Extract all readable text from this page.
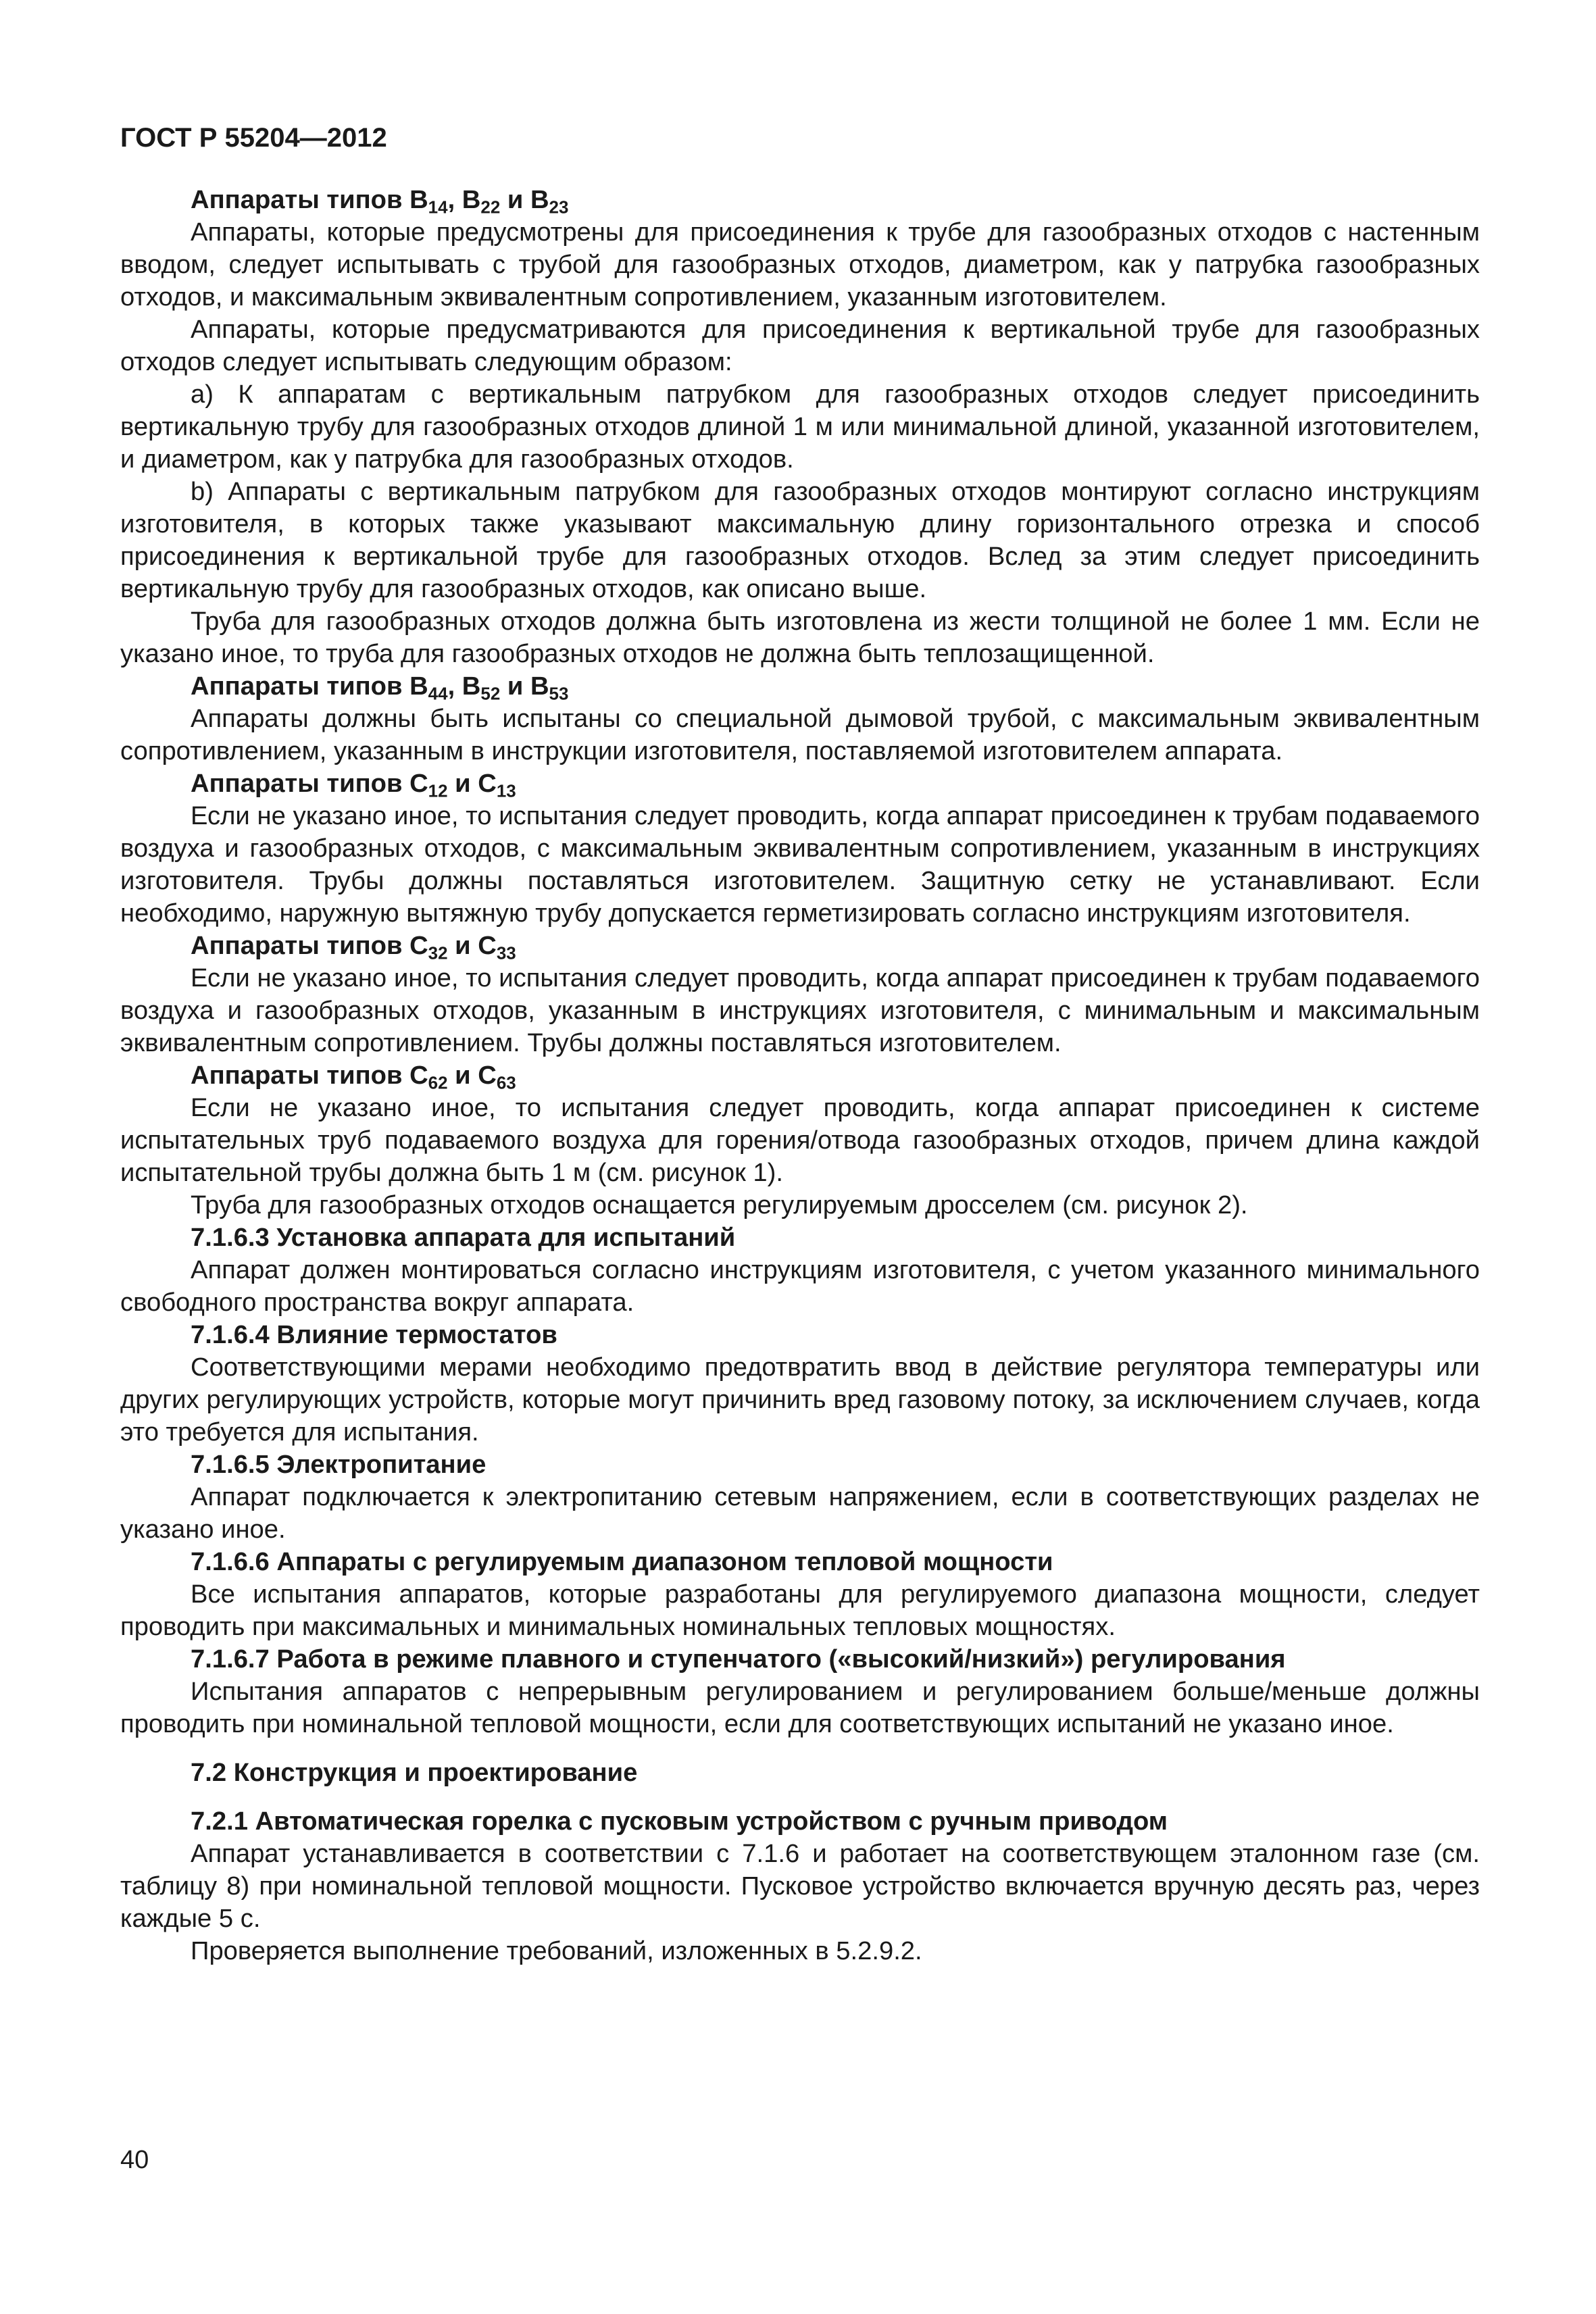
ГОСТ Р 55204—2012

Аппараты типов $B_{14}$, $B_{22}$ и $B_{23}$

Аппараты, которые предусмотрены для присоединения к трубе для газообразных отходов с настенным вводом, следует испытывать с трубой для газообразных отходов, диаметром, как у патрубка газообразных отходов, и максимальным эквивалентным сопротивлением, указанным изготовителем.

Аппараты, которые предусматриваются для присоединения к вертикальной трубе для газообразных отходов следует испытывать следующим образом:

a) К аппаратам с вертикальным патрубком для газообразных отходов следует присоединить вертикальную трубу для газообразных отходов длиной 1 м или минимальной длиной, указанной изготовителем, и диаметром, как у патрубка для газообразных отходов.

b) Аппараты с вертикальным патрубком для газообразных отходов монтируют согласно инструкциям изготовителя, в которых также указывают максимальную длину горизонтального отрезка и способ присоединения к вертикальной трубе для газообразных отходов. Вслед за этим следует присоединить вертикальную трубу для газообразных отходов, как описано выше.

Труба для газообразных отходов должна быть изготовлена из жести толщиной не более 1 мм. Если не указано иное, то труба для газообразных отходов не должна быть теплозащищенной.

Аппараты типов $B_{44}$, $B_{52}$ и $B_{53}$

Аппараты должны быть испытаны со специальной дымовой трубой, с максимальным эквивалентным сопротивлением, указанным в инструкции изготовителя, поставляемой изготовителем аппарата.

Аппараты типов $C_{12}$ и $C_{13}$

Если не указано иное, то испытания следует проводить, когда аппарат присоединен к трубам подаваемого воздуха и газообразных отходов, с максимальным эквивалентным сопротивлением, указанным в инструкциях изготовителя. Трубы должны поставляться изготовителем. Защитную сетку не устанавливают. Если необходимо, наружную вытяжную трубу допускается герметизировать согласно инструкциям изготовителя.

Аппараты типов $C_{32}$ и $C_{33}$

Если не указано иное, то испытания следует проводить, когда аппарат присоединен к трубам подаваемого воздуха и газообразных отходов, указанным в инструкциях изготовителя, с минимальным и максимальным эквивалентным сопротивлением. Трубы должны поставляться изготовителем.

Аппараты типов $C_{62}$ и $C_{63}$

Если не указано иное, то испытания следует проводить, когда аппарат присоединен к системе испытательных труб подаваемого воздуха для горения/отвода газообразных отходов, причем длина каждой испытательной трубы должна быть 1 м (см. рисунок 1).

Труба для газообразных отходов оснащается регулируемым дросселем (см. рисунок 2).

7.1.6.3 Установка аппарата для испытаний

Аппарат должен монтироваться согласно инструкциям изготовителя, с учетом указанного минимального свободного пространства вокруг аппарата.

7.1.6.4 Влияние термостатов

Соответствующими мерами необходимо предотвратить ввод в действие регулятора температуры или других регулирующих устройств, которые могут причинить вред газовому потоку, за исключением случаев, когда это требуется для испытания.

7.1.6.5 Электропитание

Аппарат подключается к электропитанию сетевым напряжением, если в соответствующих разделах не указано иное.

7.1.6.6 Аппараты с регулируемым диапазоном тепловой мощности

Все испытания аппаратов, которые разработаны для регулируемого диапазона мощности, следует проводить при максимальных и минимальных номинальных тепловых мощностях.

7.1.6.7 Работа в режиме плавного и ступенчатого («высокий/низкий») регулирования

Испытания аппаратов с непрерывным регулированием и регулированием больше/меньше должны проводить при номинальной тепловой мощности, если для соответствующих испытаний не указано иное.

7.2 Конструкция и проектирование

7.2.1 Автоматическая горелка с пусковым устройством с ручным приводом

Аппарат устанавливается в соответствии с 7.1.6 и работает на соответствующем эталонном газе (см. таблицу 8) при номинальной тепловой мощности. Пусковое устройство включается вручную десять раз, через каждые 5 с.

Проверяется выполнение требований, изложенных в 5.2.9.2.

40
